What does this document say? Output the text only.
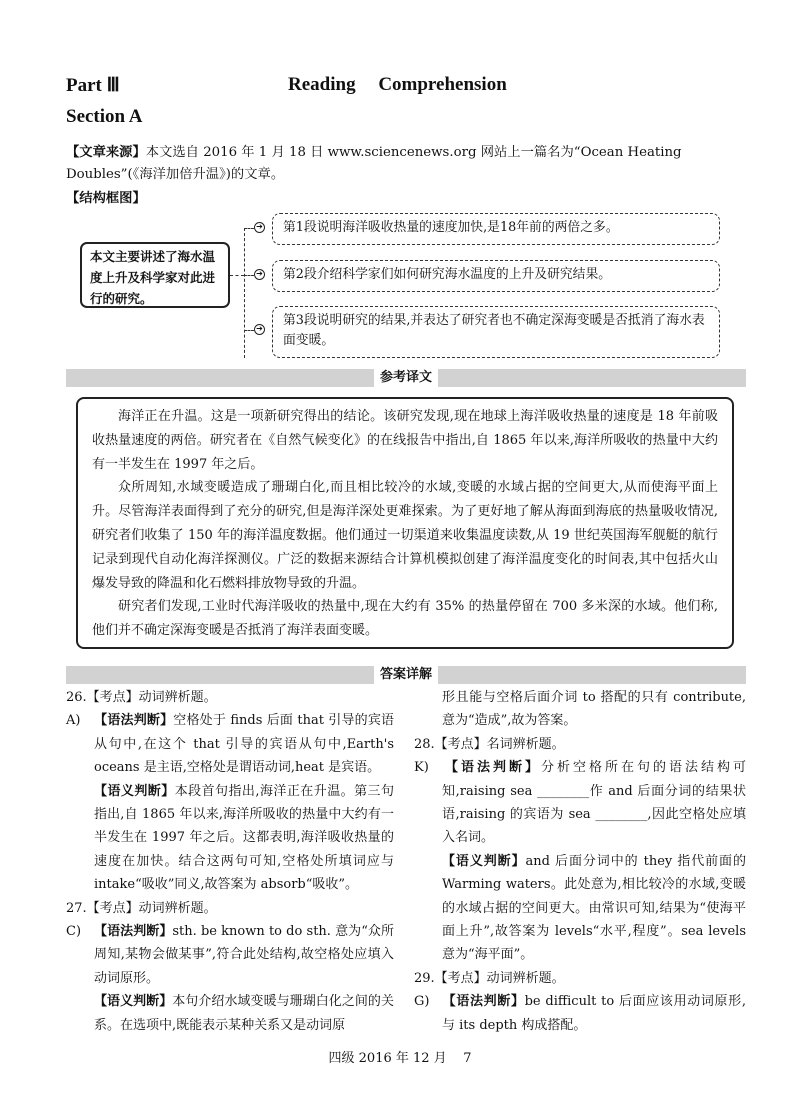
Part Ⅲ	Reading Comprehension
Section A
【文章来源】本文选自 2016 年 1 月 18 日 www.sciencenews.org 网站上一篇名为“Ocean Heating Doubles”(《海洋加倍升温》)的文章。
【结构框图】
本文主要讲述了海水温度上升及科学家对此进行的研究。
➔
➔
➔
第1段说明海洋吸收热量的速度加快,是18年前的两倍之多。
第2段介绍科学家们如何研究海水温度的上升及研究结果。
第3段说明研究的结果,并表达了研究者也不确定深海变暖是否抵消了海水表面变暖。
参考译文

海洋正在升温。这是一项新研究得出的结论。该研究发现,现在地球上海洋吸收热量的速度是 18 年前吸收热量速度的两倍。研究者在《自然气候变化》的在线报告中指出,自 1865 年以来,海洋所吸收的热量中大约有一半发生在 1997 年之后。

众所周知,水域变暖造成了珊瑚白化,而且相比较冷的水域,变暖的水域占据的空间更大,从而使海平面上升。尽管海洋表面得到了充分的研究,但是海洋深处更难探索。为了更好地了解从海面到海底的热量吸收情况,研究者们收集了 150 年的海洋温度数据。他们通过一切渠道来收集温度读数,从 19 世纪英国海军舰艇的航行记录到现代自动化海洋探测仪。广泛的数据来源结合计算机模拟创建了海洋温度变化的时间表,其中包括火山爆发导致的降温和化石燃料排放物导致的升温。

研究者们发现,工业时代海洋吸收的热量中,现在大约有 35% 的热量停留在 700 多米深的水域。他们称,他们并不确定深海变暖是否抵消了海洋表面变暖。

答案详解

26.【考点】动词辨析题。

A) 【语法判断】空格处于 finds 后面 that 引导的宾语从句中,在这个 that 引导的宾语从句中,Earth's oceans 是主语,空格处是谓语动词,heat 是宾语。

【语义判断】本段首句指出,海洋正在升温。第三句指出,自 1865 年以来,海洋所吸收的热量中大约有一半发生在 1997 年之后。这都表明,海洋吸收热量的速度在加快。结合这两句可知,空格处所填词应与 intake“吸收”同义,故答案为 absorb“吸收”。

27.【考点】动词辨析题。

C) 【语法判断】sth. be known to do sth. 意为“众所周知,某物会做某事”,符合此处结构,故空格处应填入动词原形。

【语义判断】本句介绍水域变暖与珊瑚白化之间的关系。在选项中,既能表示某种关系又是动词原

形且能与空格后面介词 to 搭配的只有 contribute,意为“造成”,故为答案。

28.【考点】名词辨析题。

K) 【语法判断】分析空格所在句的语法结构可知,raising sea ________作 and 后面分词的结果状语,raising 的宾语为 sea ________,因此空格处应填入名词。

【语义判断】and 后面分词中的 they 指代前面的 Warming waters。此处意为,相比较冷的水域,变暖的水域占据的空间更大。由常识可知,结果为“使海平面上升”,故答案为 levels“水平,程度”。sea levels 意为“海平面”。

29.【考点】动词辨析题。

G) 【语法判断】be difficult to 后面应该用动词原形,与 its depth 构成搭配。

四级 2016 年 12 月 7
